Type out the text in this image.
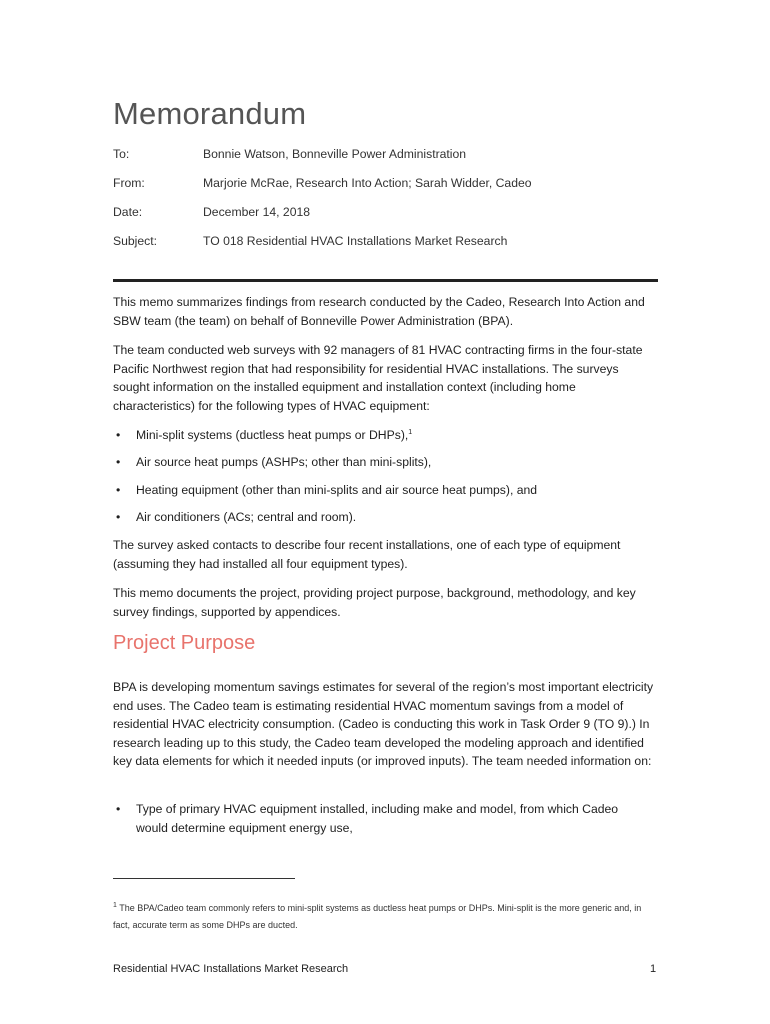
Memorandum
To:	Bonnie Watson, Bonneville Power Administration
From:	Marjorie McRae, Research Into Action; Sarah Widder, Cadeo
Date:	December 14, 2018
Subject:	TO 018 Residential HVAC Installations Market Research

This memo summarizes findings from research conducted by the Cadeo, Research Into Action and SBW team (the team) on behalf of Bonneville Power Administration (BPA).

The team conducted web surveys with 92 managers of 81 HVAC contracting firms in the four-state Pacific Northwest region that had responsibility for residential HVAC installations. The surveys sought information on the installed equipment and installation context (including home characteristics) for the following types of HVAC equipment:

• Mini-split systems (ductless heat pumps or DHPs),$^1$
• Air source heat pumps (ASHPs; other than mini-splits),
• Heating equipment (other than mini-splits and air source heat pumps), and
• Air conditioners (ACs; central and room).

The survey asked contacts to describe four recent installations, one of each type of equipment (assuming they had installed all four equipment types).

This memo documents the project, providing project purpose, background, methodology, and key survey findings, supported by appendices.

Project Purpose

BPA is developing momentum savings estimates for several of the region’s most important electricity end uses. The Cadeo team is estimating residential HVAC momentum savings from a model of residential HVAC electricity consumption. (Cadeo is conducting this work in Task Order 9 (TO 9).) In research leading up to this study, the Cadeo team developed the modeling approach and identified key data elements for which it needed inputs (or improved inputs). The team needed information on:

• Type of primary HVAC equipment installed, including make and model, from which Cadeo would determine equipment energy use,

$^1$ The BPA/Cadeo team commonly refers to mini-split systems as ductless heat pumps or DHPs. Mini-split is the more generic and, in fact, accurate term as some DHPs are ducted.

Residential HVAC Installations Market Research	1
